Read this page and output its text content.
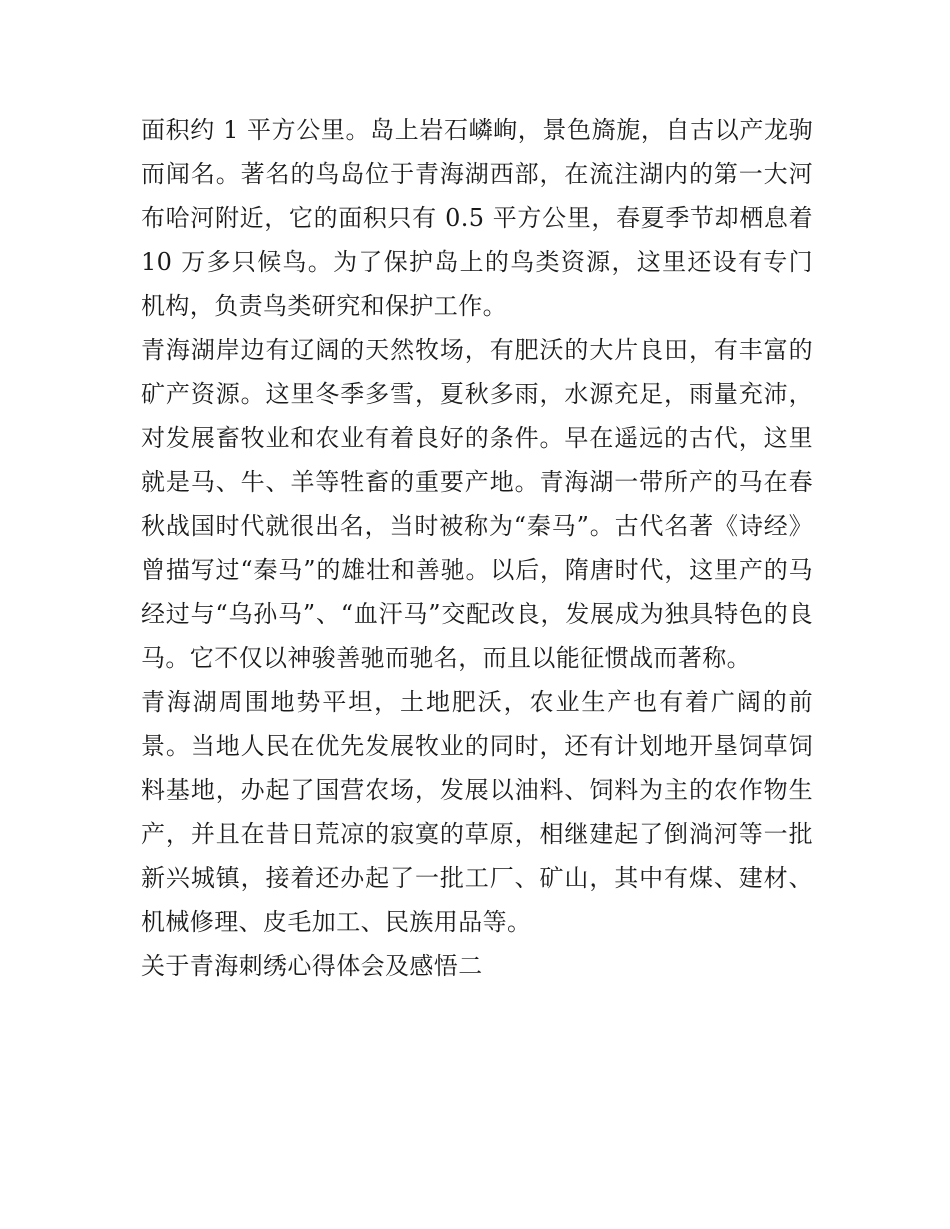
面积约 1 平方公里。岛上岩石嶙峋，景色旖旎，自古以产龙驹
而闻名。著名的鸟岛位于青海湖西部，在流注湖内的第一大河
布哈河附近，它的面积只有 0.5 平方公里，春夏季节却栖息着
10 万多只候鸟。为了保护岛上的鸟类资源，这里还设有专门
机构，负责鸟类研究和保护工作。
青海湖岸边有辽阔的天然牧场，有肥沃的大片良田，有丰富的
矿产资源。这里冬季多雪，夏秋多雨，水源充足，雨量充沛，
对发展畜牧业和农业有着良好的条件。早在遥远的古代，这里
就是马、牛、羊等牲畜的重要产地。青海湖一带所产的马在春
秋战国时代就很出名，当时被称为“秦马”。古代名著《诗经》
曾描写过“秦马”的雄壮和善驰。以后，隋唐时代，这里产的马
经过与“乌孙马”、“血汗马”交配改良，发展成为独具特色的良
马。它不仅以神骏善驰而驰名，而且以能征惯战而著称。
青海湖周围地势平坦，土地肥沃，农业生产也有着广阔的前
景。当地人民在优先发展牧业的同时，还有计划地开垦饲草饲
料基地，办起了国营农场，发展以油料、饲料为主的农作物生
产，并且在昔日荒凉的寂寞的草原，相继建起了倒淌河等一批
新兴城镇，接着还办起了一批工厂、矿山，其中有煤、建材、
机械修理、皮毛加工、民族用品等。
关于青海刺绣心得体会及感悟二
